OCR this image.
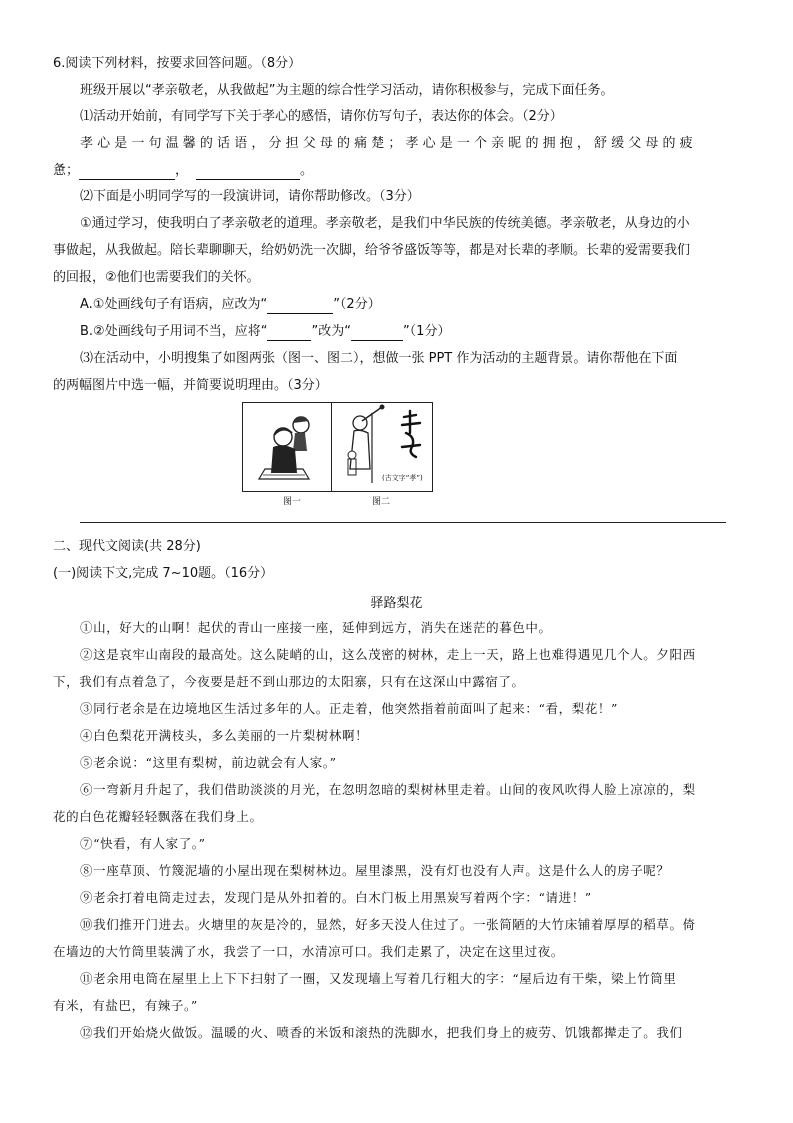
6.阅读下列材料，按要求回答问题。（8分）
班级开展以“孝亲敬老，从我做起”为主题的综合性学习活动，请你积极参与，完成下面任务。
⑴活动开始前，有同学写下关于孝心的感悟，请你仿写句子，表达你的体会。（2分）
孝 心 是 一 句 温 馨 的 话 语 ， 分 担 父 母 的 痛 楚 ； 孝 心 是 一 个 亲 昵 的 拥 抱 ， 舒 缓 父 母 的 疲
惫；	，	。
⑵下面是小明同学写的一段演讲词，请你帮助修改。（3分）
①通过学习，使我明白了孝亲敬老的道理。孝亲敬老，是我们中华民族的传统美德。孝亲敬老，从身边的小
事做起，从我做起。陪长辈聊聊天，给奶奶洗一次脚，给爷爷盛饭等等，都是对长辈的孝顺。长辈的爱需要我们
的回报，②他们也需要我们的关怀。
A.①处画线句子有语病，应改为“	”（2分）
B.②处画线句子用词不当，应将“	”改为“	”（1分）
⑶在活动中，小明搜集了如图两张（图一、图二），想做一张 PPT 作为活动的主题背景。请你帮他在下面
的两幅图片中选一幅，并简要说明理由。（3分）
图一
(古文字“孝”)
图二
二、现代文阅读(共 28分)
(一)阅读下文,完成 7~10题。（16分）
驿路梨花
①山，好大的山啊！起伏的青山一座接一座，延伸到远方，消失在迷茫的暮色中。
②这是哀牢山南段的最高处。这么陡峭的山，这么茂密的树林，走上一天，路上也难得遇见几个人。夕阳西
下，我们有点着急了，今夜要是赶不到山那边的太阳寨，只有在这深山中露宿了。
③同行老余是在边境地区生活过多年的人。正走着，他突然指着前面叫了起来：“看，梨花！”
④白色梨花开满枝头，多么美丽的一片梨树林啊！
⑤老余说：“这里有梨树，前边就会有人家。”
⑥一弯新月升起了，我们借助淡淡的月光，在忽明忽暗的梨树林里走着。山间的夜风吹得人脸上凉凉的，梨
花的白色花瓣轻轻飘落在我们身上。
⑦“快看，有人家了。”
⑧一座草顶、竹篾泥墙的小屋出现在梨树林边。屋里漆黑，没有灯也没有人声。这是什么人的房子呢？
⑨老余打着电筒走过去，发现门是从外扣着的。白木门板上用黑炭写着两个字：“请进！”
⑩我们推开门进去。火塘里的灰是冷的，显然，好多天没人住过了。一张简陋的大竹床铺着厚厚的稻草。倚
在墙边的大竹筒里装满了水，我尝了一口，水清凉可口。我们走累了，决定在这里过夜。
⑪老余用电筒在屋里上上下下扫射了一圈，又发现墙上写着几行粗大的字：“屋后边有干柴，梁上竹筒里
有米，有盐巴，有辣子。”
⑫我们开始烧火做饭。温暖的火、喷香的米饭和滚热的洗脚水，把我们身上的疲劳、饥饿都撵走了。我们
